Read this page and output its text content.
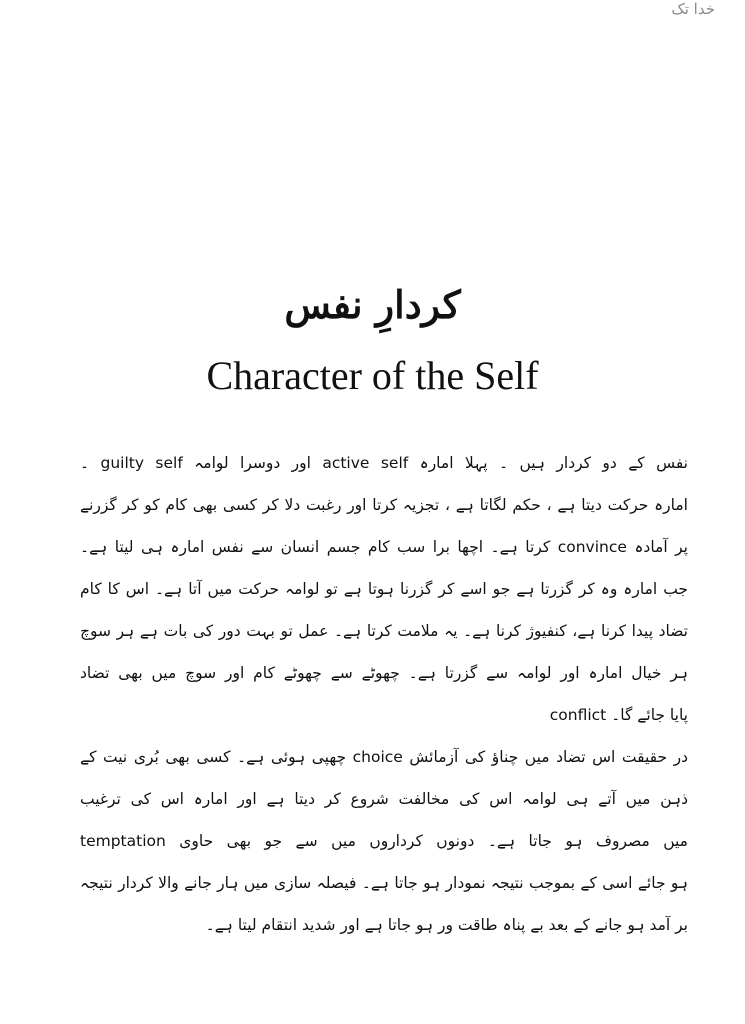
خدا تک
کردارِ نفس
Character of the Self
نفس کے دو کردار ہیں ۔ پہلا امارہ active self اور دوسرا لوامہ guilty self ۔
امارہ حرکت دیتا ہے ، حکم لگاتا ہے ، تجزیہ کرتا اور رغبت دلا کر کسی بھی کام کو کر گزرنے
پر آمادہ convince کرتا ہے۔ اچھا برا سب کام جسم انسان سے نفس امارہ ہی لیتا ہے۔
جب امارہ وہ کر گزرتا ہے جو اسے کر گزرنا ہوتا ہے تو لوامہ حرکت میں آتا ہے۔ اس کا کام
تضاد پیدا کرنا ہے، کنفیوژ کرنا ہے۔ یہ ملامت کرتا ہے۔ عمل تو بہت دور کی بات ہے ہر سوچ
ہر خیال امارہ اور لوامہ سے گزرتا ہے۔ چھوٹے سے چھوٹے کام اور سوچ میں بھی تضاد
conflict پایا جائے گا۔
در حقیقت اس تضاد میں چناؤ کی آزمائش choice چھپی ہوئی ہے۔ کسی بھی بُری نیت کے
ذہن میں آتے ہی لوامہ اس کی مخالفت شروع کر دیتا ہے اور امارہ اس کی ترغیب
temptation میں مصروف ہو جاتا ہے۔ دونوں کرداروں میں سے جو بھی حاوی
ہو جائے اسی کے بموجب نتیجہ نمودار ہو جاتا ہے۔ فیصلہ سازی میں ہار جانے والا کردار نتیجہ
بر آمد ہو جانے کے بعد بے پناہ طاقت ور ہو جاتا ہے اور شدید انتقام لیتا ہے۔
